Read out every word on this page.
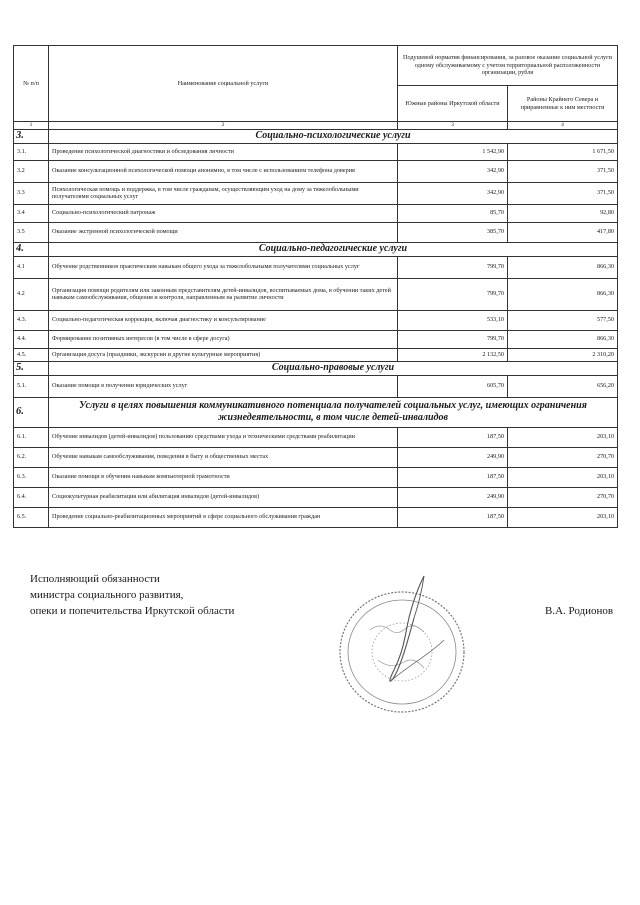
№ п/п	Наименование социальной услуги	Подушевой норматив финансирования, за разовое оказание социальной услуги одному обслуживаемому с учетом территориальной расположенности организации, рубля	
		Южные районы Иркутской области	Районы Крайнего Севера и приравненные к ним местности
1	2	3	4
3.	Социально-психологические услуги		
3.1.	Проведение психологической диагностики и обследования личности	1 542,90	1 671,50
3.2	Оказание консультационной психологической помощи анонимно, в том числе с использованием телефона доверия	342,90	371,50
3.3	Психологическая помощь и поддержка, в том числе гражданам, осуществляющим уход на дому за тяжелобольными получателями социальных услуг	342,90	371,50
3.4	Социально-психологический патронаж	85,70	92,80
3.5	Оказание экстренной психологической помощи	385,70	417,80
4.	Социально-педагогические услуги		
4.1	Обучение родственников практическим навыкам общего ухода за тяжелобольными получателями социальных услуг	799,70	866,30
4.2	Организация помощи родителям или законным представителям детей-инвалидов, воспитываемых дома, в обучении таких детей навыкам самообслуживания, общения и контроля, направленным на развитие личности	799,70	866,30
4.3.	Социально-педагогическая коррекция, включая диагностику и консультирование	533,10	577,50
4.4.	Формирование позитивных интересов (в том числе в сфере досуга)	799,70	866,30
4.5.	Организация досуга (праздники, экскурсии и другие культурные мероприятия)	2 132,50	2 310,20
5.	Социально-правовые услуги		
5.1.	Оказание помощи в получении юридических услуг	605,70	656,20
6.	Услуги в целях повышения коммуникативного потенциала получателей социальных услуг, имеющих ограничения жизнедеятельности, в том числе детей-инвалидов		
6.1.	Обучение инвалидов (детей-инвалидов) пользованию средствами ухода и техническими средствами реабилитации	187,50	203,10
6.2.	Обучение навыкам самообслуживания, поведения в быту и общественных местах	249,90	270,70
6.3.	Оказание помощи в обучении навыкам компьютерной грамотности	187,50	203,10
6.4.	Социокультурная реабилитация или абилитация инвалидов (детей-инвалидов)	249,90	270,70
6.5.	Проведение социально-реабилитационных мероприятий в сфере социального обслуживания граждан	187,50	203,10
Исполняющий обязанности
министра социального развития,
опеки и попечительства Иркутской области	В.А. Родионов
